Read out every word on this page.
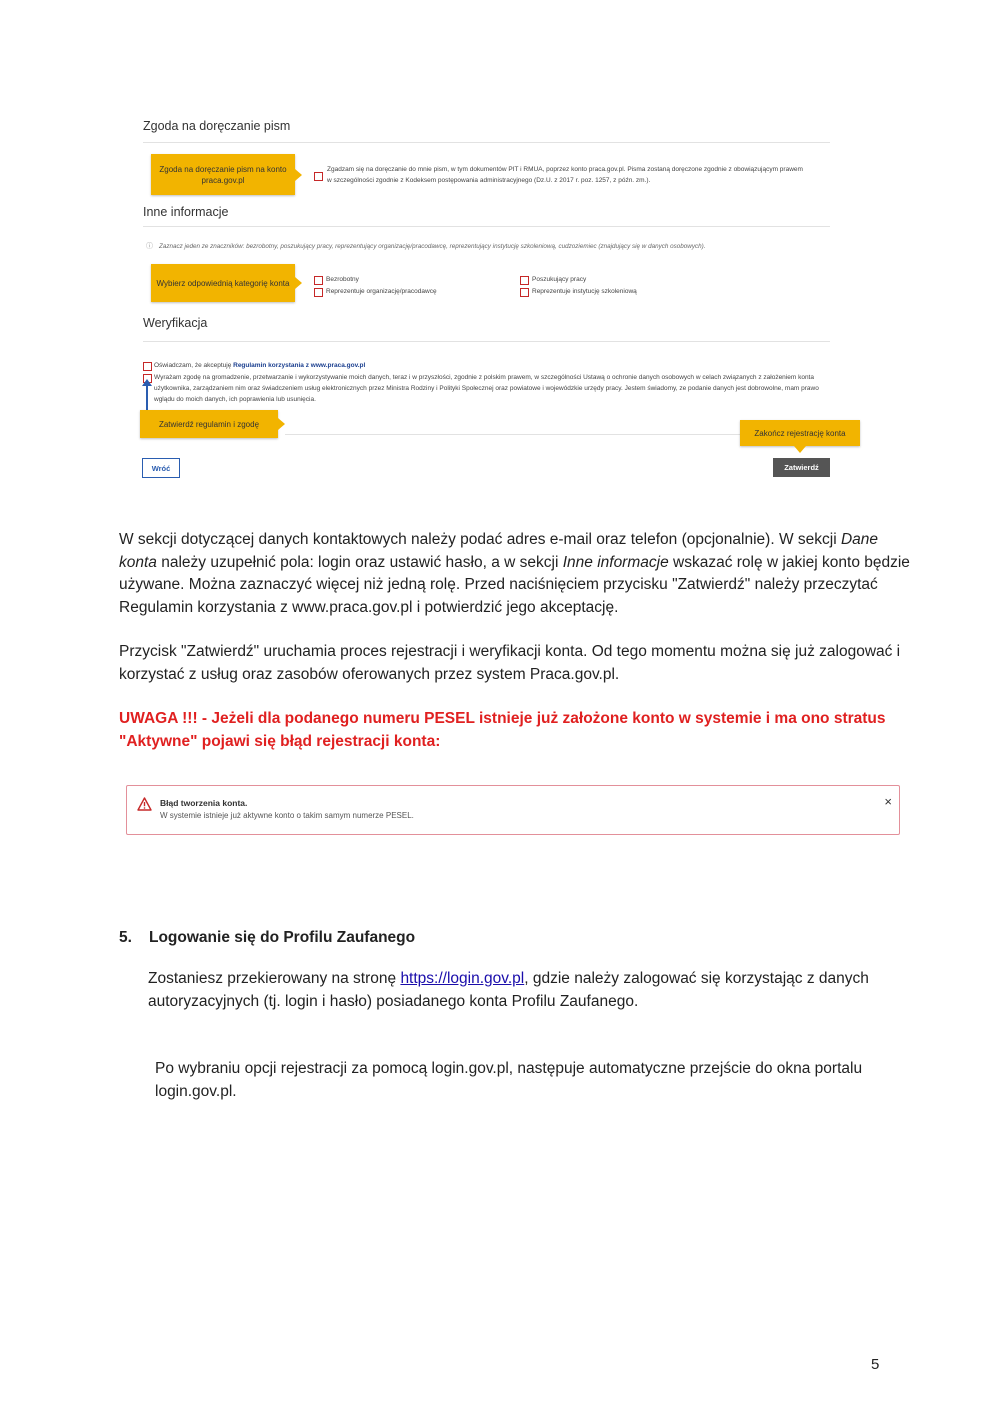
Zgoda na doręczanie pism
Zgoda na doręczanie pism na konto praca.gov.pl
Zgadzam się na doręczanie do mnie pism, w tym dokumentów PIT i RMUA, poprzez konto praca.gov.pl. Pisma zostaną doręczone zgodnie z obowiązującym prawem w szczególności zgodnie z Kodeksem postępowania administracyjnego (Dz.U. z 2017 r. poz. 1257, z późn. zm.).
Inne informacje
ⓘ Zaznacz jeden ze znaczników: bezrobotny, poszukujący pracy, reprezentujący organizację/pracodawcę, reprezentujący instytucję szkoleniową, cudzoziemiec (znajdujący się w danych osobowych).
Wybierz odpowiednią kategorię konta	Bezrobotny	Poszukujący pracy
Reprezentuje organizację/pracodawcę	Reprezentuje instytucję szkoleniową
Weryfikacja
Oświadczam, że akceptuję Regulamin korzystania z www.praca.gov.pl
Wyrażam zgodę na gromadzenie, przetwarzanie i wykorzystywanie moich danych, teraz i w przyszłości, zgodnie z polskim prawem, w szczególności Ustawą o ochronie danych osobowych w celach związanych z założeniem konta użytkownika, zarządzaniem nim oraz świadczeniem usług elektronicznych przez Ministra Rodziny i Polityki Społecznej oraz powiatowe i wojewódzkie urzędy pracy. Jestem świadomy, ze podanie danych jest dobrowolne, mam prawo wglądu do moich danych, ich poprawienia lub usunięcia.
Zatwierdź regulamin i zgodę
Zakończ rejestrację konta
Wróć	Zatwierdź
W sekcji dotyczącej danych kontaktowych należy podać adres e-mail oraz telefon (opcjonalnie). W sekcji Dane konta należy uzupełnić pola: login oraz ustawić hasło, a w sekcji Inne informacje wskazać rolę w jakiej konto będzie używane. Można zaznaczyć więcej niż jedną rolę. Przed naciśnięciem przycisku "Zatwierdź" należy przeczytać Regulamin korzystania z www.praca.gov.pl i potwierdzić jego akceptację.
Przycisk "Zatwierdź" uruchamia proces rejestracji i weryfikacji konta. Od tego momentu można się już zalogować i korzystać z usług oraz zasobów oferowanych przez system Praca.gov.pl.
UWAGA !!! - Jeżeli dla podanego numeru PESEL istnieje już założone konto w systemie i ma ono stratus "Aktywne" pojawi się błąd rejestracji konta:
Błąd tworzenia konta.
W systemie istnieje już aktywne konto o takim samym numerze PESEL.
×
5. Logowanie się do Profilu Zaufanego
Zostaniesz przekierowany na stronę https://login.gov.pl, gdzie należy zalogować się korzystając z danych autoryzacyjnych (tj. login i hasło) posiadanego konta Profilu Zaufanego.
Po wybraniu opcji rejestracji za pomocą login.gov.pl, następuje automatyczne przejście do okna portalu login.gov.pl.
5
